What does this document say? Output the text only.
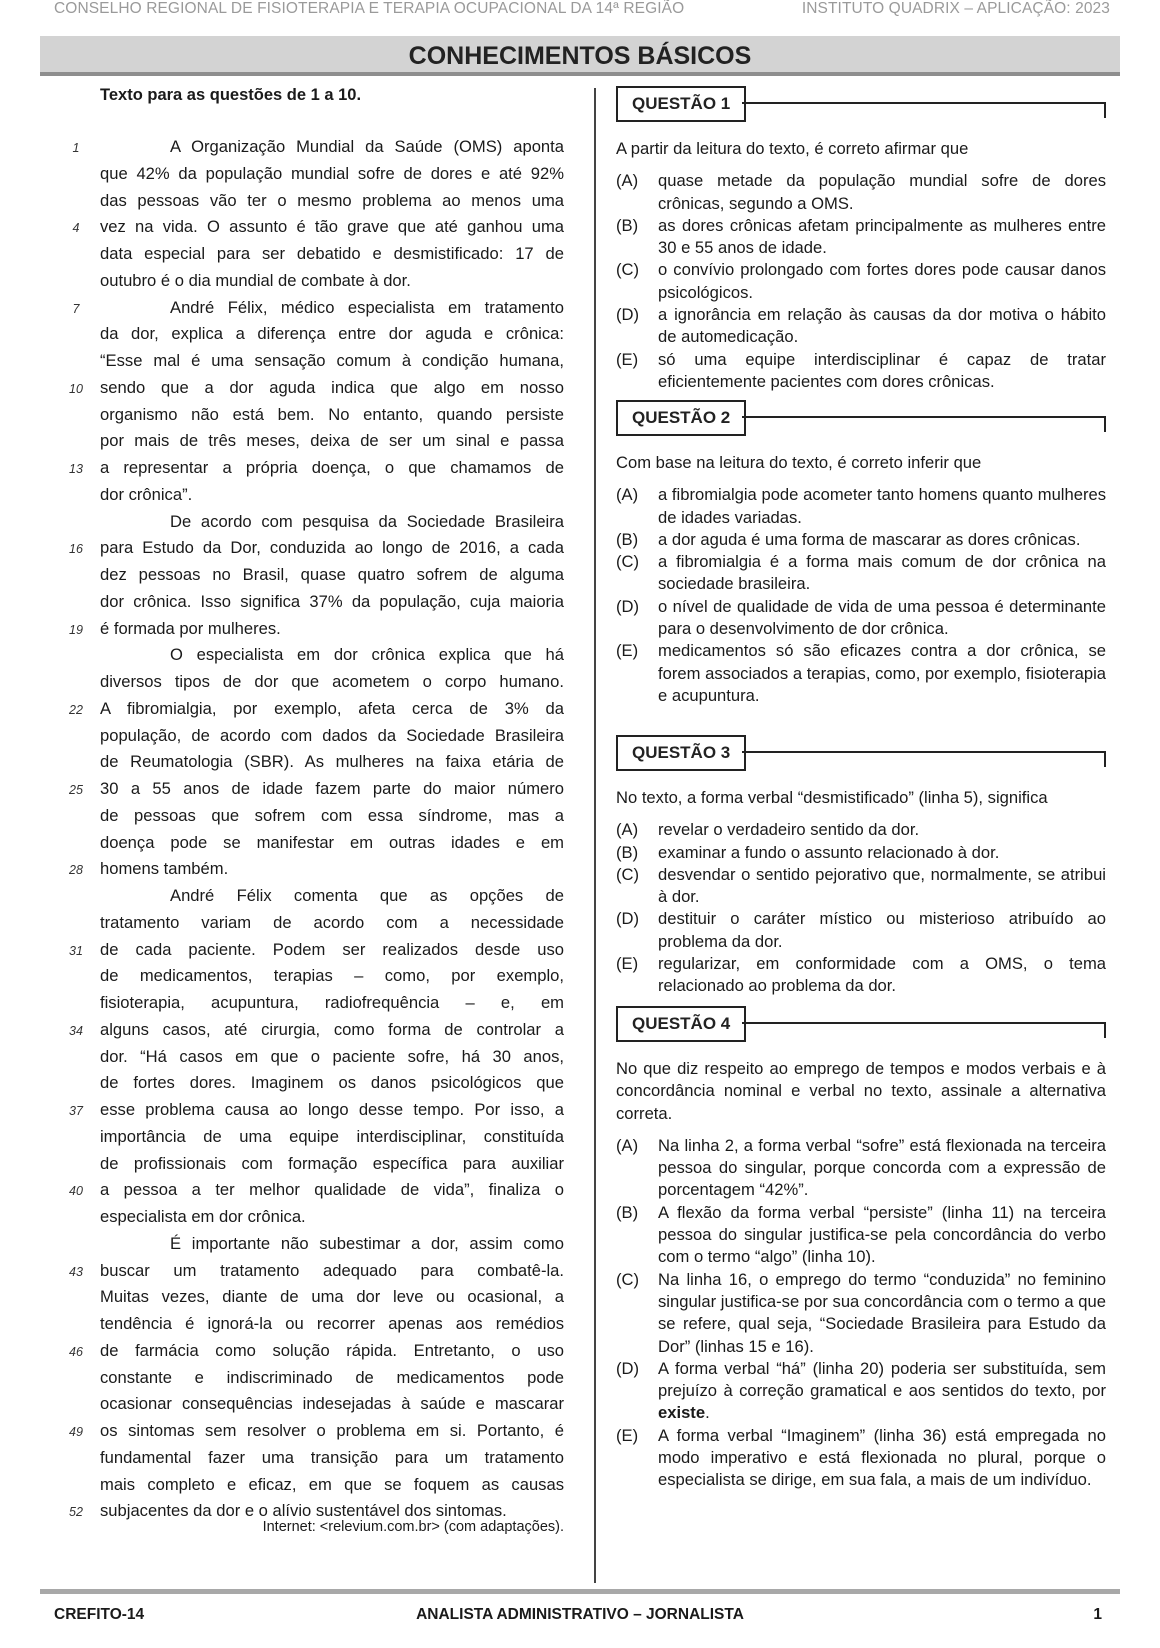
CONSELHO REGIONAL DE FISIOTERAPIA E TERAPIA OCUPACIONAL DA 14ª REGIÃO	INSTITUTO QUADRIX – APLICAÇÃO: 2023
CONHECIMENTOS BÁSICOS
Texto para as questões de 1 a 10.
1	A Organização Mundial da Saúde (OMS) aponta
que 42% da população mundial sofre de dores e até 92%
das pessoas vão ter o mesmo problema ao menos uma
4	vez na vida. O assunto é tão grave que até ganhou uma
data especial para ser debatido e desmistificado: 17 de
outubro é o dia mundial de combate à dor.
7	André Félix, médico especialista em tratamento
da dor, explica a diferença entre dor aguda e crônica:
“Esse mal é uma sensação comum à condição humana,
10 sendo que a dor aguda indica que algo em nosso
organismo não está bem. No entanto, quando persiste
por mais de três meses, deixa de ser um sinal e passa
13 a representar a própria doença, o que chamamos de
dor crônica”.
De acordo com pesquisa da Sociedade Brasileira
16 para Estudo da Dor, conduzida ao longo de 2016, a cada
dez pessoas no Brasil, quase quatro sofrem de alguma
dor crônica. Isso significa 37% da população, cuja maioria
19 é formada por mulheres.
O especialista em dor crônica explica que há
diversos tipos de dor que acometem o corpo humano.
22 A fibromialgia, por exemplo, afeta cerca de 3% da
população, de acordo com dados da Sociedade Brasileira
de Reumatologia (SBR). As mulheres na faixa etária de
25 30 a 55 anos de idade fazem parte do maior número
de pessoas que sofrem com essa síndrome, mas a
doença pode se manifestar em outras idades e em
28 homens também.
André Félix comenta que as opções de
tratamento variam de acordo com a necessidade
31 de cada paciente. Podem ser realizados desde uso
de medicamentos, terapias – como, por exemplo,
fisioterapia, acupuntura, radiofrequência – e, em
34 alguns casos, até cirurgia, como forma de controlar a
dor. “Há casos em que o paciente sofre, há 30 anos,
de fortes dores. Imaginem os danos psicológicos que
37 esse problema causa ao longo desse tempo. Por isso, a
importância de uma equipe interdisciplinar, constituída
de profissionais com formação específica para auxiliar
40 a pessoa a ter melhor qualidade de vida”, finaliza o
especialista em dor crônica.
É importante não subestimar a dor, assim como
43 buscar um tratamento adequado para combatê-la.
Muitas vezes, diante de uma dor leve ou ocasional, a
tendência é ignorá-la ou recorrer apenas aos remédios
46 de farmácia como solução rápida. Entretanto, o uso
constante e indiscriminado de medicamentos pode
ocasionar consequências indesejadas à saúde e mascarar
49 os sintomas sem resolver o problema em si. Portanto, é
fundamental fazer uma transição para um tratamento
mais completo e eficaz, em que se foquem as causas
52 subjacentes da dor e o alívio sustentável dos sintomas.
Internet: <relevium.com.br> (com adaptações).
QUESTÃO 1
A partir da leitura do texto, é correto afirmar que
(A) quase metade da população mundial sofre de dores crônicas, segundo a OMS.
(B) as dores crônicas afetam principalmente as mulheres entre 30 e 55 anos de idade.
(C) o convívio prolongado com fortes dores pode causar danos psicológicos.
(D) a ignorância em relação às causas da dor motiva o hábito de automedicação.
(E) só uma equipe interdisciplinar é capaz de tratar eficientemente pacientes com dores crônicas.
QUESTÃO 2
Com base na leitura do texto, é correto inferir que
(A) a fibromialgia pode acometer tanto homens quanto mulheres de idades variadas.
(B) a dor aguda é uma forma de mascarar as dores crônicas.
(C) a fibromialgia é a forma mais comum de dor crônica na sociedade brasileira.
(D) o nível de qualidade de vida de uma pessoa é determinante para o desenvolvimento de dor crônica.
(E) medicamentos só são eficazes contra a dor crônica, se forem associados a terapias, como, por exemplo, fisioterapia e acupuntura.
QUESTÃO 3
No texto, a forma verbal “desmistificado” (linha 5), significa
(A) revelar o verdadeiro sentido da dor.
(B) examinar a fundo o assunto relacionado à dor.
(C) desvendar o sentido pejorativo que, normalmente, se atribui à dor.
(D) destituir o caráter místico ou misterioso atribuído ao problema da dor.
(E) regularizar, em conformidade com a OMS, o tema relacionado ao problema da dor.
QUESTÃO 4
No que diz respeito ao emprego de tempos e modos verbais e à concordância nominal e verbal no texto, assinale a alternativa correta.
(A) Na linha 2, a forma verbal “sofre” está flexionada na terceira pessoa do singular, porque concorda com a expressão de porcentagem “42%”.
(B) A flexão da forma verbal “persiste” (linha 11) na terceira pessoa do singular justifica-se pela concordância do verbo com o termo “algo” (linha 10).
(C) Na linha 16, o emprego do termo “conduzida” no feminino singular justifica-se por sua concordância com o termo a que se refere, qual seja, “Sociedade Brasileira para Estudo da Dor” (linhas 15 e 16).
(D) A forma verbal “há” (linha 20) poderia ser substituída, sem prejuízo à correção gramatical e aos sentidos do texto, por existe.
(E) A forma verbal “Imaginem” (linha 36) está empregada no modo imperativo e está flexionada no plural, porque o especialista se dirige, em sua fala, a mais de um indivíduo.
CREFITO-14	ANALISTA ADMINISTRATIVO – JORNALISTA	1
